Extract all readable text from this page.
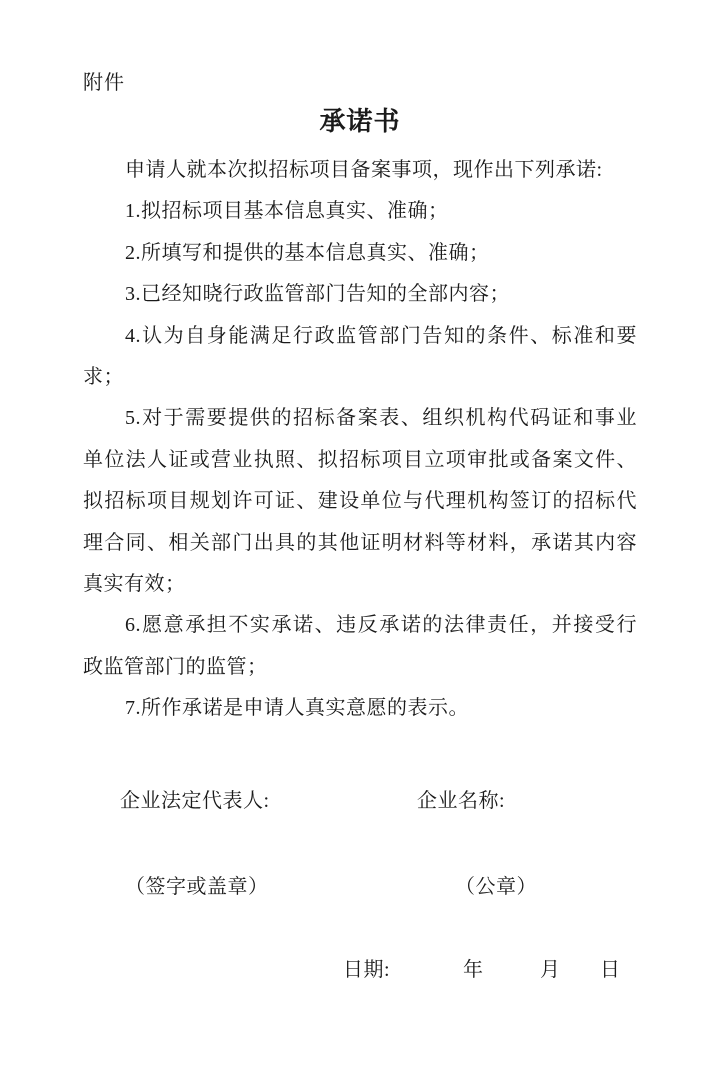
附件
承诺书

申请人就本次拟招标项目备案事项，现作出下列承诺:

1.拟招标项目基本信息真实、准确；

2.所填写和提供的基本信息真实、准确；

3.已经知晓行政监管部门告知的全部内容；

4.认为自身能满足行政监管部门告知的条件、标准和要
求；

5.对于需要提供的招标备案表、组织机构代码证和事业
单位法人证或营业执照、拟招标项目立项审批或备案文件、
拟招标项目规划许可证、建设单位与代理机构签订的招标代
理合同、相关部门出具的其他证明材料等材料，承诺其内容
真实有效；

6.愿意承担不实承诺、违反承诺的法律责任，并接受行
政监管部门的监管；

7.所作承诺是申请人真实意愿的表示。

企业法定代表人:	企业名称:
（签字或盖章）	（公章）
日期:	年	月 日
